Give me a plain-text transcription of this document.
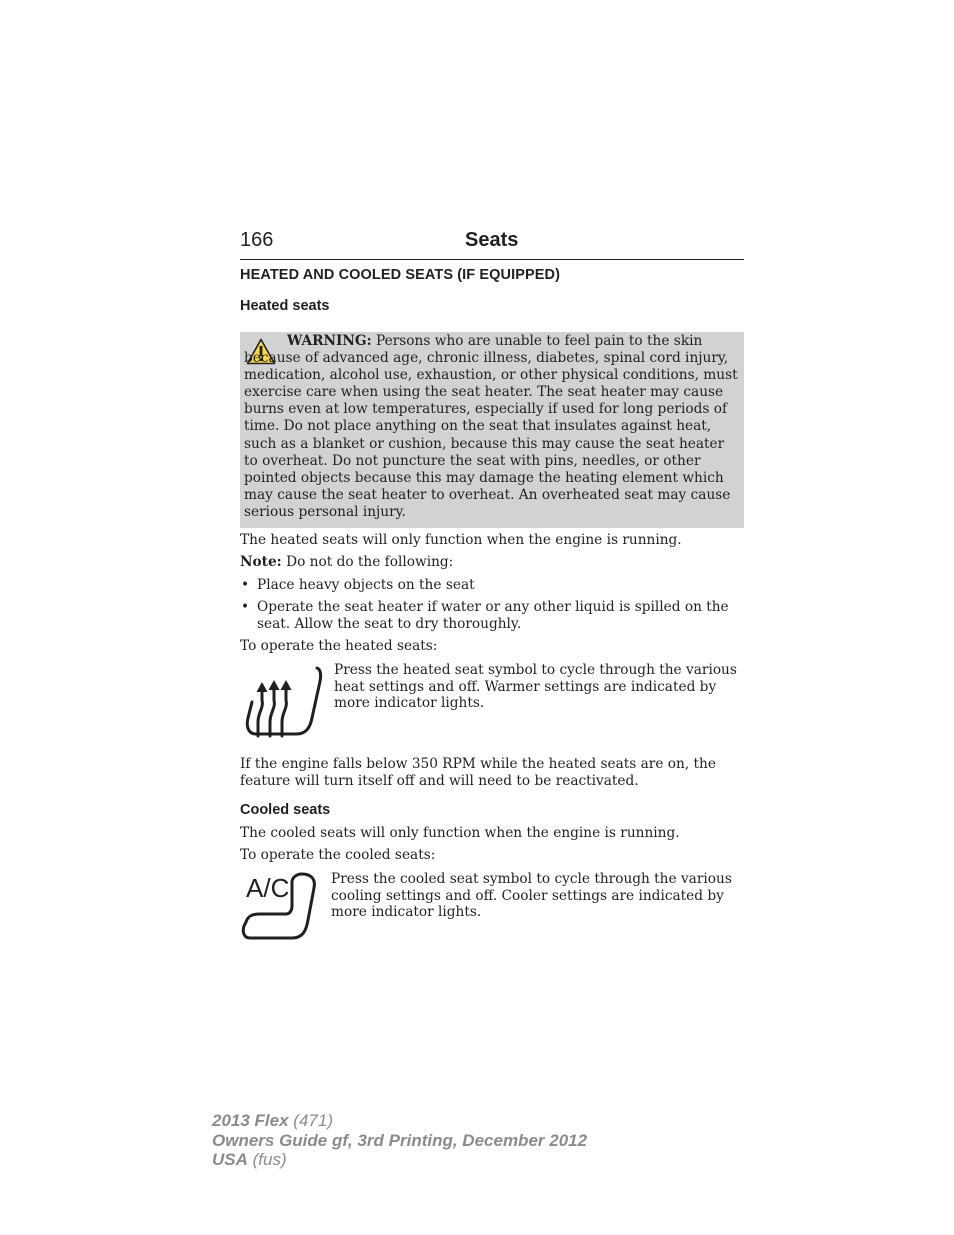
166	Seats
HEATED AND COOLED SEATS (IF EQUIPPED)
Heated seats

WARNING: Persons who are unable to feel pain to the skin because of advanced age, chronic illness, diabetes, spinal cord injury, medication, alcohol use, exhaustion, or other physical conditions, must exercise care when using the seat heater. The seat heater may cause burns even at low temperatures, especially if used for long periods of time. Do not place anything on the seat that insulates against heat, such as a blanket or cushion, because this may cause the seat heater to overheat. Do not puncture the seat with pins, needles, or other pointed objects because this may damage the heating element which may cause the seat heater to overheat. An overheated seat may cause serious personal injury.

The heated seats will only function when the engine is running.

Note: Do not do the following:

• Place heavy objects on the seat
• Operate the seat heater if water or any other liquid is spilled on the seat. Allow the seat to dry thoroughly.

To operate the heated seats:

Press the heated seat symbol to cycle through the various heat settings and off. Warmer settings are indicated by more indicator lights.

If the engine falls below 350 RPM while the heated seats are on, the feature will turn itself off and will need to be reactivated.

Cooled seats

The cooled seats will only function when the engine is running.

To operate the cooled seats:

A/C	Press the cooled seat symbol to cycle through the various cooling settings and off. Cooler settings are indicated by more indicator lights.
2013 Flex (471)
Owners Guide gf, 3rd Printing, December 2012
USA (fus)
